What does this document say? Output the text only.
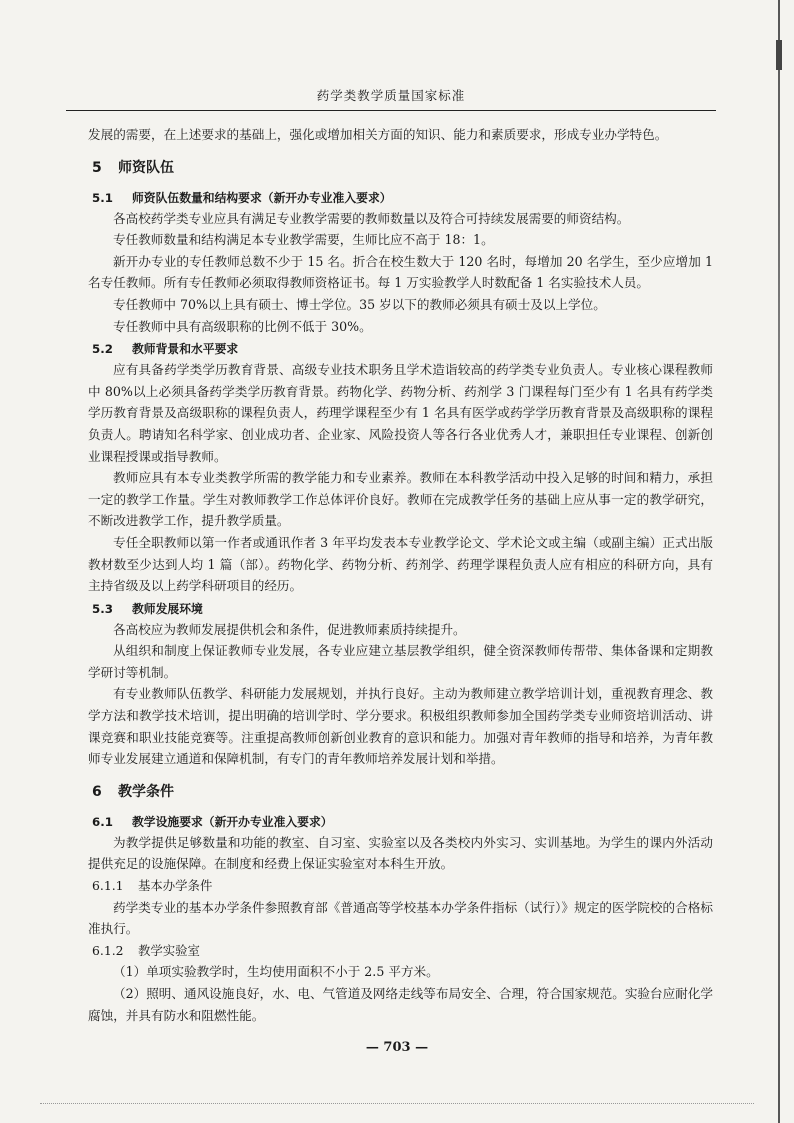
药学类教学质量国家标准

发展的需要，在上述要求的基础上，强化或增加相关方面的知识、能力和素质要求，形成专业办学特色。

5 师资队伍
5.1 师资队伍数量和结构要求（新开办专业准入要求）

各高校药学类专业应具有满足专业教学需要的教师数量以及符合可持续发展需要的师资结构。

专任教师数量和结构满足本专业教学需要，生师比应不高于 18：1。

新开办专业的专任教师总数不少于 15 名。折合在校生数大于 120 名时，每增加 20 名学生，至少应增加 1 名专任教师。所有专任教师必须取得教师资格证书。每 1 万实验教学人时数配备 1 名实验技术人员。

专任教师中 70%以上具有硕士、博士学位。35 岁以下的教师必须具有硕士及以上学位。

专任教师中具有高级职称的比例不低于 30%。

5.2 教师背景和水平要求

应有具备药学类学历教育背景、高级专业技术职务且学术造诣较高的药学类专业负责人。专业核心课程教师中 80%以上必须具备药学类学历教育背景。药物化学、药物分析、药剂学 3 门课程每门至少有 1 名具有药学类学历教育背景及高级职称的课程负责人，药理学课程至少有 1 名具有医学或药学学历教育背景及高级职称的课程负责人。聘请知名科学家、创业成功者、企业家、风险投资人等各行各业优秀人才，兼职担任专业课程、创新创业课程授课或指导教师。

教师应具有本专业类教学所需的教学能力和专业素养。教师在本科教学活动中投入足够的时间和精力，承担一定的教学工作量。学生对教师教学工作总体评价良好。教师在完成教学任务的基础上应从事一定的教学研究，不断改进教学工作，提升教学质量。

专任全职教师以第一作者或通讯作者 3 年平均发表本专业教学论文、学术论文或主编（或副主编）正式出版教材数至少达到人均 1 篇（部）。药物化学、药物分析、药剂学、药理学课程负责人应有相应的科研方向，具有主持省级及以上药学科研项目的经历。

5.3 教师发展环境

各高校应为教师发展提供机会和条件，促进教师素质持续提升。

从组织和制度上保证教师专业发展，各专业应建立基层教学组织，健全资深教师传帮带、集体备课和定期教学研讨等机制。

有专业教师队伍教学、科研能力发展规划，并执行良好。主动为教师建立教学培训计划，重视教育理念、教学方法和教学技术培训，提出明确的培训学时、学分要求。积极组织教师参加全国药学类专业师资培训活动、讲课竞赛和职业技能竞赛等。注重提高教师创新创业教育的意识和能力。加强对青年教师的指导和培养，为青年教师专业发展建立通道和保障机制，有专门的青年教师培养发展计划和举措。

6 教学条件
6.1 教学设施要求（新开办专业准入要求）

为教学提供足够数量和功能的教室、自习室、实验室以及各类校内外实习、实训基地。为学生的课内外活动提供充足的设施保障。在制度和经费上保证实验室对本科生开放。

6.1.1 基本办学条件

药学类专业的基本办学条件参照教育部《普通高等学校基本办学条件指标（试行）》规定的医学院校的合格标准执行。

6.1.2 教学实验室

（1）单项实验教学时，生均使用面积不小于 2.5 平方米。

（2）照明、通风设施良好，水、电、气管道及网络走线等布局安全、合理，符合国家规范。实验台应耐化学腐蚀，并具有防水和阻燃性能。

— 703 —
